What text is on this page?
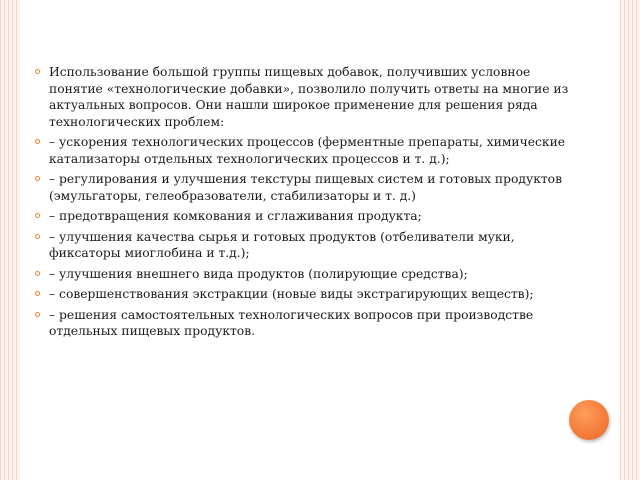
Использование большой группы пищевых добавок, получивших условное понятие «технологические добавки», позволило получить ответы на многие из актуальных вопросов. Они нашли широкое применение для решения ряда технологических проблем:
– ускорения технологических процессов (ферментные препараты, химические катализаторы отдельных технологических процессов и т. д.);
– регулирования и улучшения текстуры пищевых систем и готовых продуктов (эмульгаторы, гелеобразователи, стабилизаторы и т. д.)
– предотвращения комкования и сглаживания продукта;
– улучшения качества сырья и готовых продуктов (отбеливатели муки, фиксаторы миоглобина и т.д.);
– улучшения внешнего вида продуктов (полирующие средства);
– совершенствования экстракции (новые виды экстрагирующих веществ);
– решения самостоятельных технологических вопросов при производстве отдельных пищевых продуктов.
